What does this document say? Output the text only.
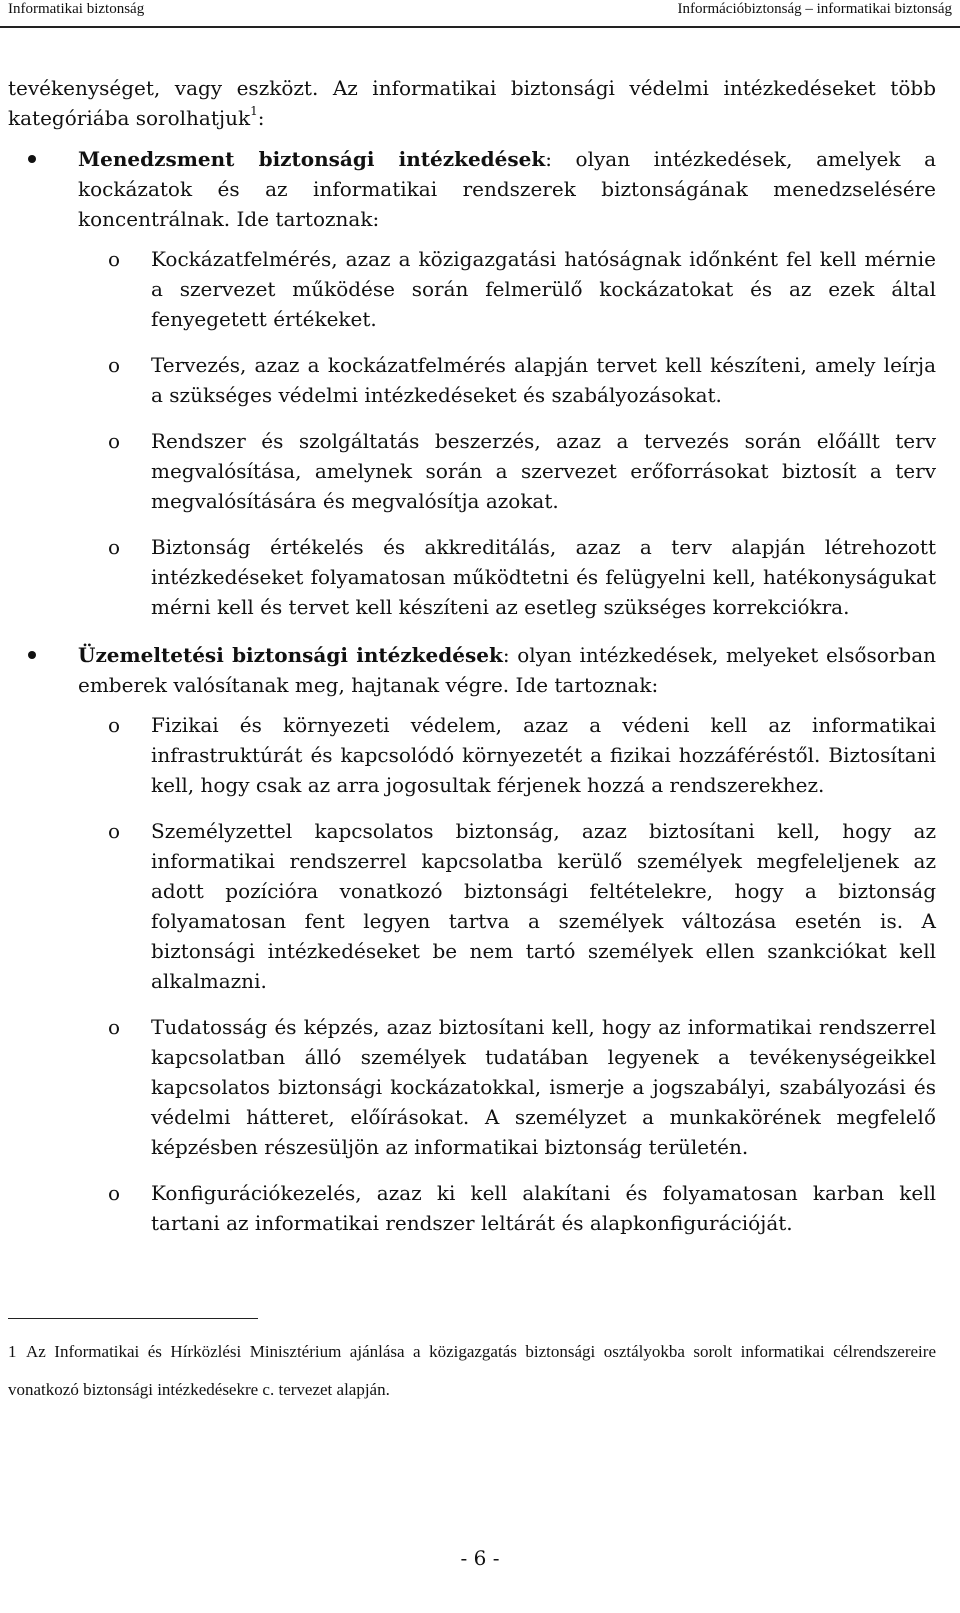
Informatikai biztonság	Információbiztonság – informatikai biztonság

tevékenységet, vagy eszközt. Az informatikai biztonsági védelmi intézkedéseket több kategóriába sorolhatjuk$^1$:

Menedzsment biztonsági intézkedések: olyan intézkedések, amelyek a kockázatok és az informatikai rendszerek biztonságának menedzselésére koncentrálnak. Ide tartoznak:

o Kockázatfelmérés, azaz a közigazgatási hatóságnak időnként fel kell mérnie a szervezet működése során felmerülő kockázatokat és az ezek által fenyegetett értékeket.

o Tervezés, azaz a kockázatfelmérés alapján tervet kell készíteni, amely leírja a szükséges védelmi intézkedéseket és szabályozásokat.

o Rendszer és szolgáltatás beszerzés, azaz a tervezés során előállt terv megvalósítása, amelynek során a szervezet erőforrásokat biztosít a terv megvalósítására és megvalósítja azokat.

o Biztonság értékelés és akkreditálás, azaz a terv alapján létrehozott intézkedéseket folyamatosan működtetni és felügyelni kell, hatékonyságukat mérni kell és tervet kell készíteni az esetleg szükséges korrekciókra.

Üzemeltetési biztonsági intézkedések: olyan intézkedések, melyeket elsősorban emberek valósítanak meg, hajtanak végre. Ide tartoznak:

o Fizikai és környezeti védelem, azaz a védeni kell az informatikai infrastruktúrát és kapcsolódó környezetét a fizikai hozzáféréstől. Biztosítani kell, hogy csak az arra jogosultak férjenek hozzá a rendszerekhez.

o Személyzettel kapcsolatos biztonság, azaz biztosítani kell, hogy az informatikai rendszerrel kapcsolatba kerülő személyek megfeleljenek az adott pozícióra vonatkozó biztonsági feltételekre, hogy a biztonság folyamatosan fent legyen tartva a személyek változása esetén is. A biztonsági intézkedéseket be nem tartó személyek ellen szankciókat kell alkalmazni.

o Tudatosság és képzés, azaz biztosítani kell, hogy az informatikai rendszerrel kapcsolatban álló személyek tudatában legyenek a tevékenységeikkel kapcsolatos biztonsági kockázatokkal, ismerje a jogszabályi, szabályozási és védelmi hátteret, előírásokat. A személyzet a munkakörének megfelelő képzésben részesüljön az informatikai biztonság területén.

o Konfigurációkezelés, azaz ki kell alakítani és folyamatosan karban kell tartani az informatikai rendszer leltárát és alapkonfigurációját.

1 Az Informatikai és Hírközlési Minisztérium ajánlása a közigazgatás biztonsági osztályokba sorolt informatikai célrendszereire vonatkozó biztonsági intézkedésekre c. tervezet alapján.
- 6 -
